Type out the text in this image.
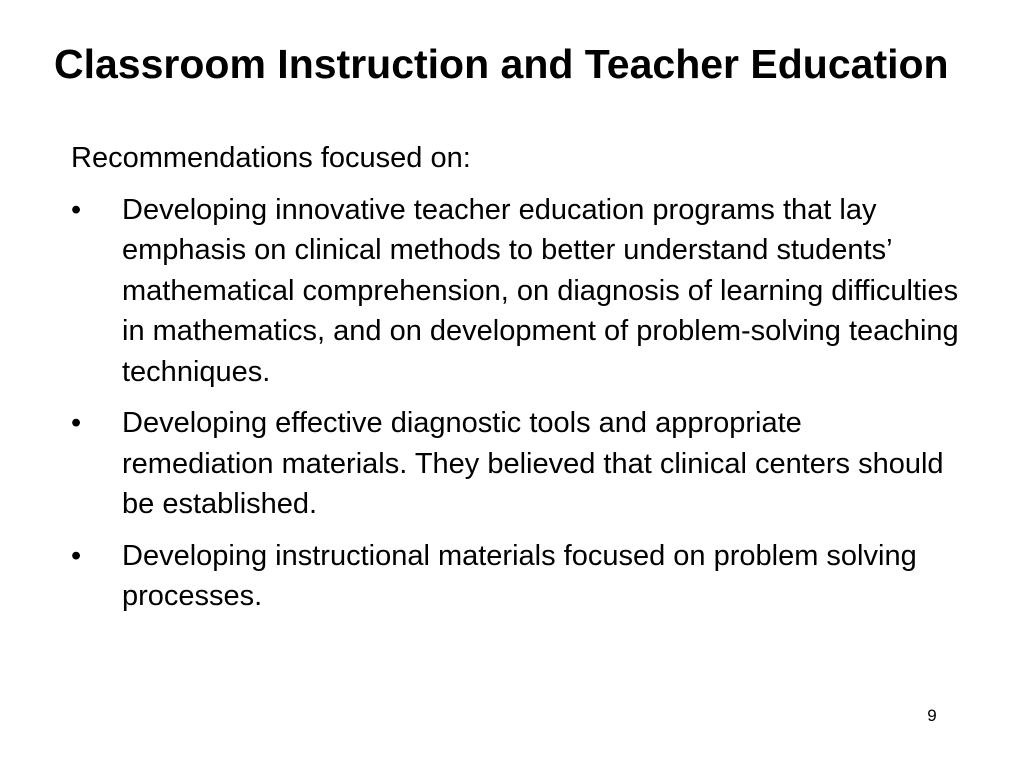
Classroom Instruction and Teacher Education

Recommendations focused on:

• Developing innovative teacher education programs that lay emphasis on clinical methods to better understand students’ mathematical comprehension, on diagnosis of learning difficulties in mathematics, and on development of problem-solving teaching techniques.
• Developing effective diagnostic tools and appropriate remediation materials. They believed that clinical centers should be established.
• Developing instructional materials focused on problem solving processes.
9
